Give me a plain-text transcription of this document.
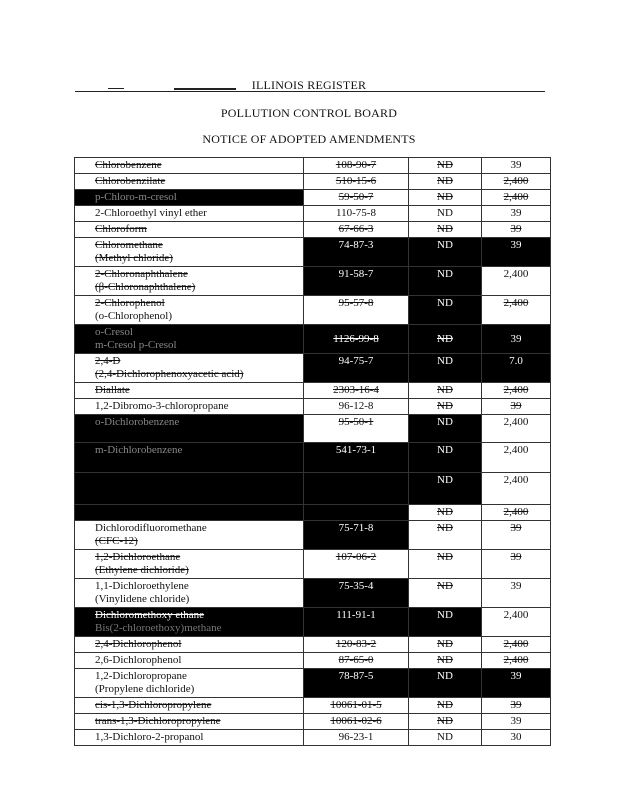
ILLINOIS REGISTER
POLLUTION CONTROL BOARD
NOTICE OF ADOPTED AMENDMENTS
Chlorobenzene	108-90-7	ND	39
Chlorobenzilate	510-15-6	ND	2,400
p-Chloro-m-cresol	59-50-7	ND	2,400
2-Chloroethyl vinyl ether	110-75-8	ND	39
Chloroform	67-66-3	ND	39

Chloromethane
(Methyl chloride)	74-87-3	ND	39

2-Chloronaphthalene
(β-Chloronaphthalene)	91-58-7	ND	2,400

2-Chlorophenol
(o-Chlorophenol)	95-57-8	ND	2,400

o-Cresol
m-Cresol p-Cresol	1126-99-8	ND	39

2,4-D
(2,4-Dichlorophenoxyacetic acid)	94-75-7	ND	7.0
Diallate	2303-16-4	ND	2,400
1,2-Dibromo-3-chloropropane	96-12-8	ND	39
o-Dichlorobenzene	95-50-1	ND	2,400
m-Dichlorobenzene	541-73-1	ND	2,400
p-Dichlorobenzene		ND	2,400
		ND	2,400

Dichlorodifluoromethane
(CFC-12)	75-71-8	ND	39

1,2-Dichloroethane
(Ethylene dichloride)	107-06-2	ND	39

1,1-Dichloroethylene
(Vinylidene chloride)	75-35-4	ND	39

Dichloromethoxy ethane
Bis(2-chloroethoxy)methane	111-91-1	ND	2,400
2,4-Dichlorophenol	120-83-2	ND	2,400
2,6-Dichlorophenol	87-65-0	ND	2,400

1,2-Dichloropropane
(Propylene dichloride)	78-87-5	ND	39
cis-1,3-Dichloropropylene	10061-01-5	ND	39
trans-1,3-Dichloropropylene	10061-02-6	ND	39
1,3-Dichloro-2-propanol	96-23-1	ND	30
